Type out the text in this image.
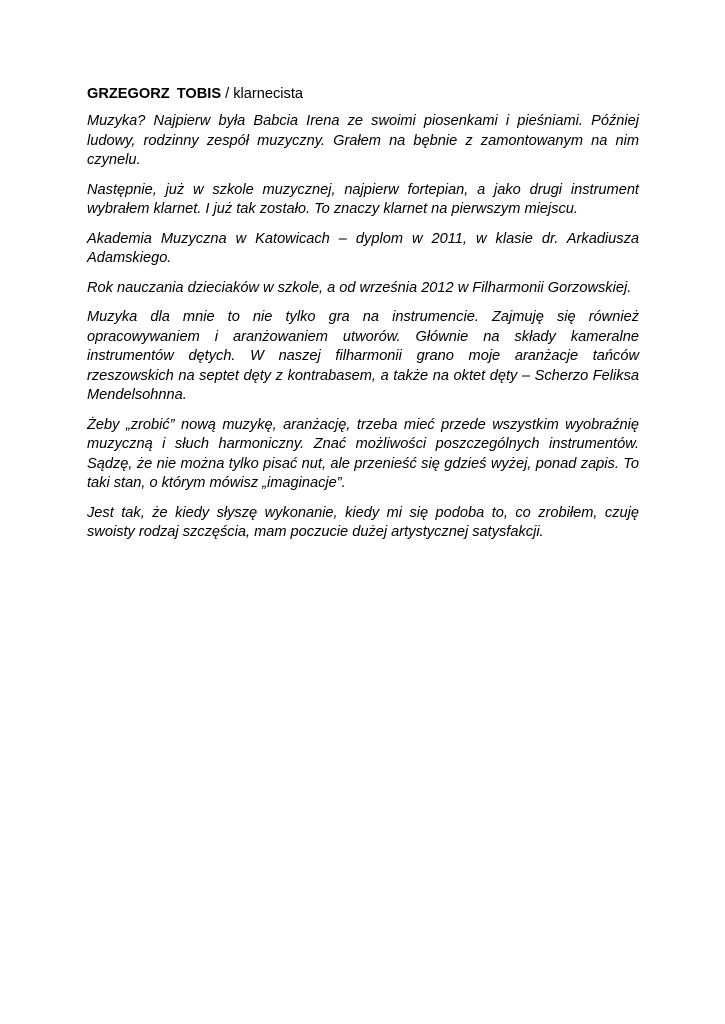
GRZEGORZ TOBIS / klarnecista

Muzyka? Najpierw była Babcia Irena ze swoimi piosenkami i pieśniami. Później ludowy, rodzinny zespół muzyczny. Grałem na bębnie z zamontowanym na nim czynelu.

Następnie, już w szkole muzycznej, najpierw fortepian, a jako drugi instrument wybrałem klarnet. I już tak zostało. To znaczy klarnet na pierwszym miejscu.

Akademia Muzyczna w Katowicach – dyplom w 2011, w klasie dr. Arkadiusza Adamskiego.

Rok nauczania dzieciaków w szkole, a od września 2012 w Filharmonii Gorzowskiej.

Muzyka dla mnie to nie tylko gra na instrumencie. Zajmuję się również opracowywaniem i aranżowaniem utworów. Głównie na składy kameralne instrumentów dętych. W naszej filharmonii grano moje aranżacje tańców rzeszowskich na septet dęty z kontrabasem, a także na oktet dęty – Scherzo Feliksa Mendelsohnna.

Żeby „zrobić” nową muzykę, aranżację, trzeba mieć przede wszystkim wyobraźnię muzyczną i słuch harmoniczny. Znać możliwości poszczególnych instrumentów. Sądzę, że nie można tylko pisać nut, ale przenieść się gdzieś wyżej, ponad zapis. To taki stan, o którym mówisz „imaginacje”.

Jest tak, że kiedy słyszę wykonanie, kiedy mi się podoba to, co zrobiłem, czuję swoisty rodzaj szczęścia, mam poczucie dużej artystycznej satysfakcji.
